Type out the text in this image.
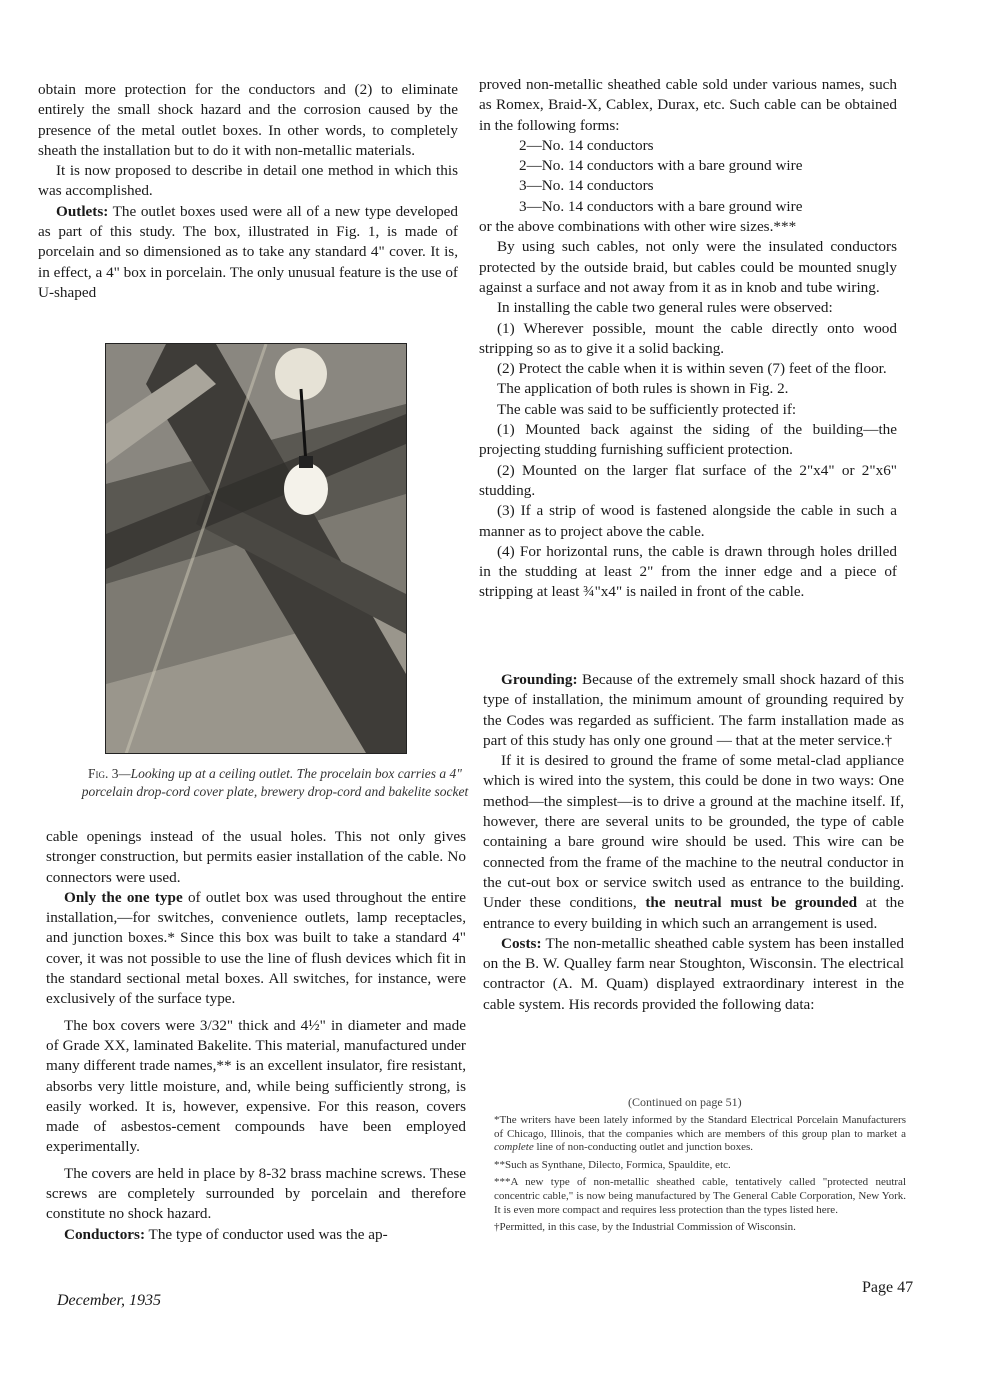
obtain more protection for the conductors and (2) to eliminate entirely the small shock hazard and the corrosion caused by the presence of the metal outlet boxes. In other words, to completely sheath the installation but to do it with non-metallic materials.

It is now proposed to describe in detail one method in which this was accomplished.

Outlets: The outlet boxes used were all of a new type developed as part of this study. The box, illustrated in Fig. 1, is made of porcelain and so dimensioned as to take any standard 4" cover. It is, in effect, a 4" box in porcelain. The only unusual feature is the use of U-shaped

Fig. 3—Looking up at a ceiling outlet. The procelain box carries a 4" porcelain drop-cord cover plate, brewery drop-cord and bakelite socket

cable openings instead of the usual holes. This not only gives stronger construction, but permits easier installation of the cable. No connectors were used.

Only the one type of outlet box was used throughout the entire installation,—for switches, convenience outlets, lamp receptacles, and junction boxes.* Since this box was built to take a standard 4" cover, it was not possible to use the line of flush devices which fit in the standard sectional metal boxes. All switches, for instance, were exclusively of the surface type.

The box covers were 3/32" thick and 4½" in diameter and made of Grade XX, laminated Bakelite. This material, manufactured under many different trade names,** is an excellent insulator, fire resistant, absorbs very little moisture, and, while being sufficiently strong, is easily worked. It is, however, expensive. For this reason, covers made of asbestos-cement compounds have been employed experimentally.

The covers are held in place by 8-32 brass machine screws. These screws are completely surrounded by porcelain and therefore constitute no shock hazard.

Conductors: The type of conductor used was the ap-

proved non-metallic sheathed cable sold under various names, such as Romex, Braid-X, Cablex, Durax, etc. Such cable can be obtained in the following forms:

2—No. 14 conductors

2—No. 14 conductors with a bare ground wire

3—No. 14 conductors

3—No. 14 conductors with a bare ground wire

or the above combinations with other wire sizes.***

By using such cables, not only were the insulated conductors protected by the outside braid, but cables could be mounted snugly against a surface and not away from it as in knob and tube wiring.

In installing the cable two general rules were observed:

(1) Wherever possible, mount the cable directly onto wood stripping so as to give it a solid backing.

(2) Protect the cable when it is within seven (7) feet of the floor.

The application of both rules is shown in Fig. 2.

The cable was said to be sufficiently protected if:

(1) Mounted back against the siding of the building—the projecting studding furnishing sufficient protection.

(2) Mounted on the larger flat surface of the 2"x4" or 2"x6" studding.

(3) If a strip of wood is fastened alongside the cable in such a manner as to project above the cable.

(4) For horizontal runs, the cable is drawn through holes drilled in the studding at least 2" from the inner edge and a piece of stripping at least ¾"x4" is nailed in front of the cable.

Grounding: Because of the extremely small shock hazard of this type of installation, the minimum amount of grounding required by the Codes was regarded as sufficient. The farm installation made as part of this study has only one ground — that at the meter service.†

If it is desired to ground the frame of some metal-clad appliance which is wired into the system, this could be done in two ways: One method—the simplest—is to drive a ground at the machine itself. If, however, there are several units to be grounded, the type of cable containing a bare ground wire should be used. This wire can be connected from the frame of the machine to the neutral conductor in the cut-out box or service switch used as entrance to the building. Under these conditions, the neutral must be grounded at the entrance to every building in which such an arrangement is used.

Costs: The non-metallic sheathed cable system has been installed on the B. W. Qualley farm near Stoughton, Wisconsin. The electrical contractor (A. M. Quam) displayed extraordinary interest in the cable system. His records provided the following data:

(Continued on page 51)

*The writers have been lately informed by the Standard Electrical Porcelain Manufacturers of Chicago, Illinois, that the companies which are members of this group plan to market a complete line of non-conducting outlet and junction boxes.

**Such as Synthane, Dilecto, Formica, Spauldite, etc.

***A new type of non-metallic sheathed cable, tentatively called "protected neutral concentric cable," is now being manufactured by The General Cable Corporation, New York. It is even more compact and requires less protection than the types listed here.

†Permitted, in this case, by the Industrial Commission of Wisconsin.

December, 1935
Page 47
